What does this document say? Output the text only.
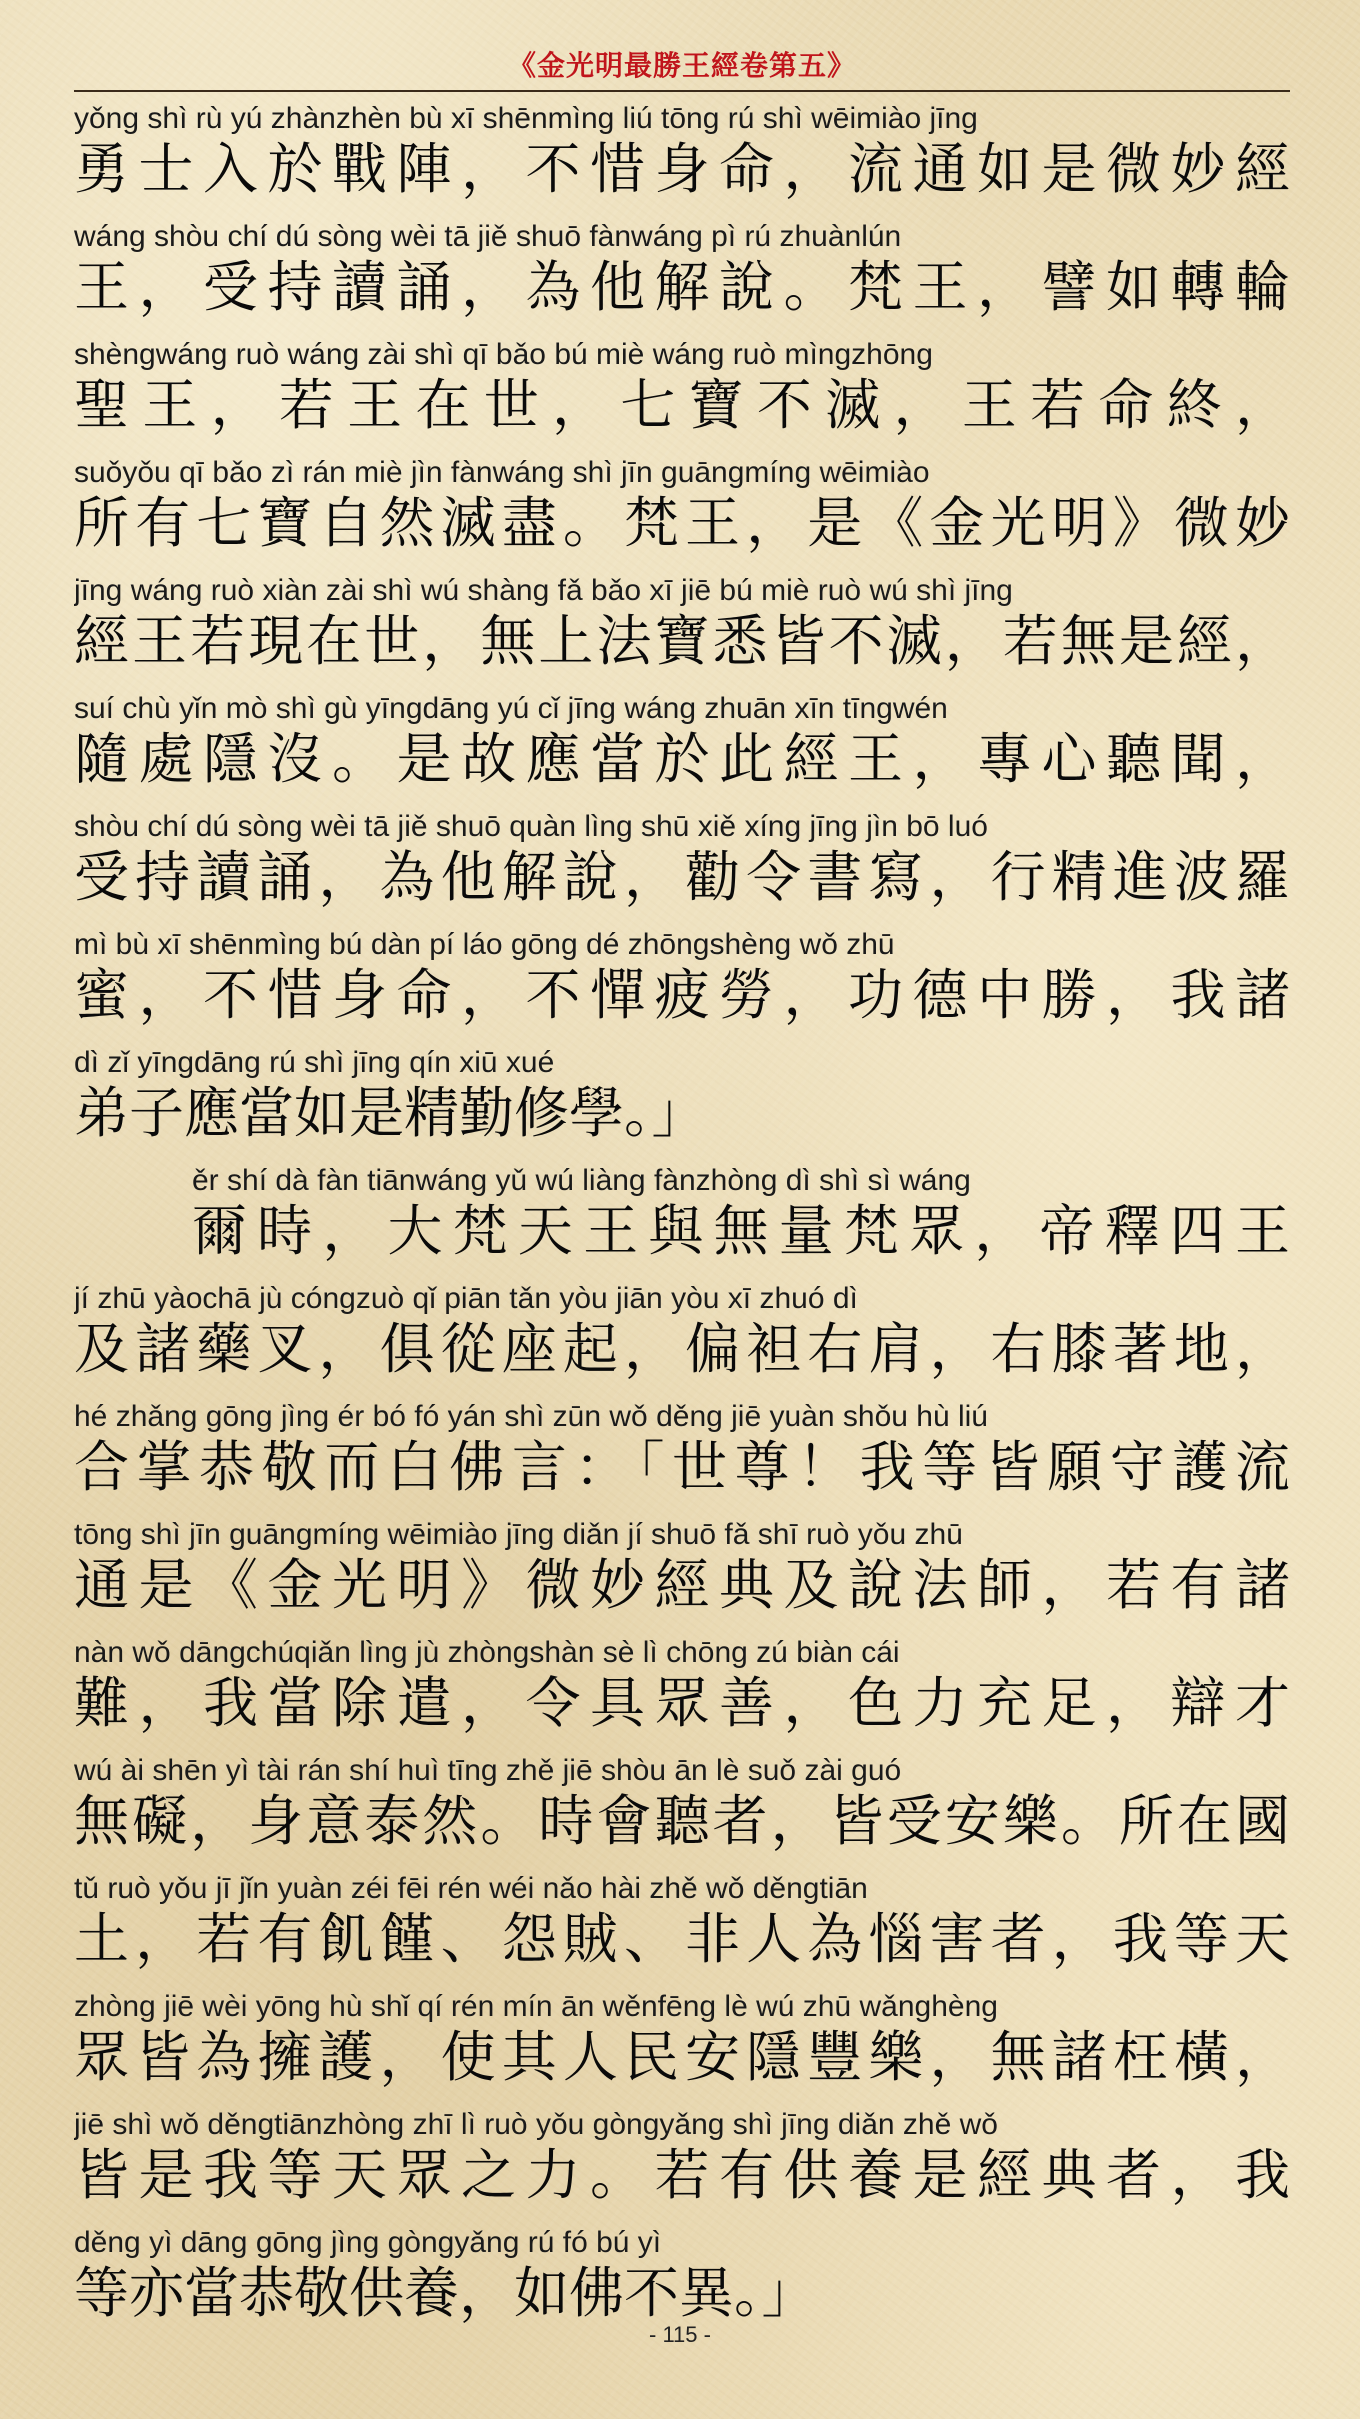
《金光明最勝王經卷第五》
yǒng shì rù yú zhànzhèn bù xī shēnmìng liú tōng rú shì wēimiào jīng
勇士入於戰陣，不惜身命，流通如是微妙經
wáng shòu chí dú sòng wèi tā jiě shuō fànwáng pì rú zhuànlún
王，受持讀誦，為他解說。梵王，譬如轉輪
shèngwáng ruò wáng zài shì qī bǎo bú miè wáng ruò mìngzhōng
聖王，若王在世，七寶不滅，王若命終，
suǒyǒu qī bǎo zì rán miè jìn fànwáng shì jīn guāngmíng wēimiào
所有七寶自然滅盡。梵王，是《金光明》微妙
jīng wáng ruò xiàn zài shì wú shàng fǎ bǎo xī jiē bú miè ruò wú shì jīng
經王若現在世，無上法寶悉皆不滅，若無是經，
suí chù yǐn mò shì gù yīngdāng yú cǐ jīng wáng zhuān xīn tīngwén
隨處隱沒。是故應當於此經王，專心聽聞，
shòu chí dú sòng wèi tā jiě shuō quàn lìng shū xiě xíng jīng jìn bō luó
受持讀誦，為他解說，勸令書寫，行精進波羅
mì bù xī shēnmìng bú dàn pí láo gōng dé zhōngshèng wǒ zhū
蜜，不惜身命，不憚疲勞，功德中勝，我諸
dì zǐ yīngdāng rú shì jīng qín xiū xué
弟子應當如是精勤修學。」
ěr shí dà fàn tiānwáng yǔ wú liàng fànzhòng dì shì sì wáng
爾時，大梵天王與無量梵眾，帝釋四王
jí zhū yàochā jù cóngzuò qǐ piān tǎn yòu jiān yòu xī zhuó dì
及諸藥叉，俱從座起，偏袒右肩，右膝著地，
hé zhǎng gōng jìng ér bó fó yán shì zūn wǒ děng jiē yuàn shǒu hù liú
合掌恭敬而白佛言：「世尊！我等皆願守護流
tōng shì jīn guāngmíng wēimiào jīng diǎn jí shuō fǎ shī ruò yǒu zhū
通是《金光明》微妙經典及說法師，若有諸
nàn wǒ dāngchúqiǎn lìng jù zhòngshàn sè lì chōng zú biàn cái
難，我當除遣，令具眾善，色力充足，辯才
wú ài shēn yì tài rán shí huì tīng zhě jiē shòu ān lè suǒ zài guó
無礙，身意泰然。時會聽者，皆受安樂。所在國
tǔ ruò yǒu jī jǐn yuàn zéi fēi rén wéi nǎo hài zhě wǒ děngtiān
土，若有飢饉、怨賊、非人為惱害者，我等天
zhòng jiē wèi yōng hù shǐ qí rén mín ān wěnfēng lè wú zhū wǎnghèng
眾皆為擁護，使其人民安隱豐樂，無諸枉橫，
jiē shì wǒ děngtiānzhòng zhī lì ruò yǒu gòngyǎng shì jīng diǎn zhě wǒ
皆是我等天眾之力。若有供養是經典者，我
děng yì dāng gōng jìng gòngyǎng rú fó bú yì
等亦當恭敬供養，如佛不異。」
- 115 -
